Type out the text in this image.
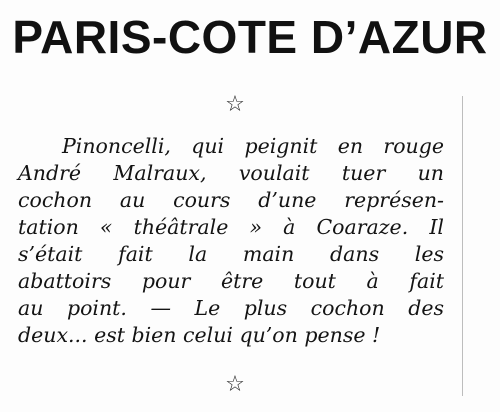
PARIS-COTE D’AZUR
☆

Pinoncelli, qui peignit en rouge
André Malraux, voulait tuer un
cochon au cours d’une représen-
tation « théâtrale » à Coaraze. Il
s’était fait la main dans les
abattoirs pour être tout à fait
au point. — Le plus cochon des
deux... est bien celui qu’on pense !

☆
